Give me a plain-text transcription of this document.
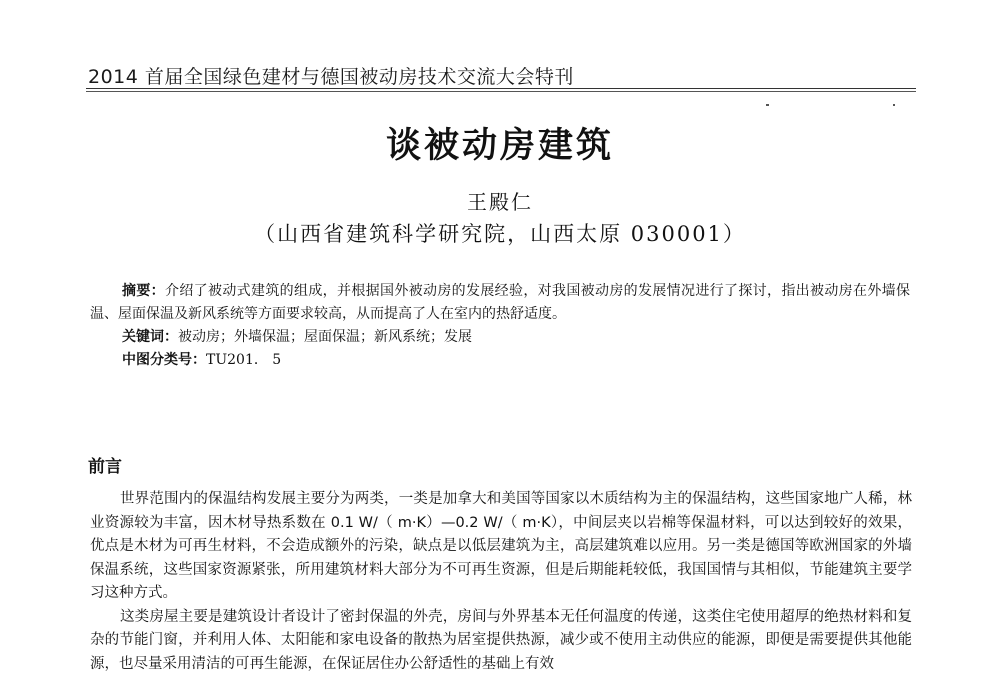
2014 首届全国绿色建材与德国被动房技术交流大会特刊
谈被动房建筑
王殿仁
（山西省建筑科学研究院，山西太原 030001）

摘要：介绍了被动式建筑的组成，并根据国外被动房的发展经验，对我国被动房的发展情况进行了探讨，指出被动房在外墙保温、屋面保温及新风系统等方面要求较高，从而提高了人在室内的热舒适度。

关键词：被动房；外墙保温；屋面保温；新风系统；发展

中图分类号：TU201． 5

前言

世界范围内的保温结构发展主要分为两类，一类是加拿大和美国等国家以木质结构为主的保温结构，这些国家地广人稀，林业资源较为丰富，因木材导热系数在 0.1 W/（ m·K）—0.2 W/（ m·K），中间层夹以岩棉等保温材料，可以达到较好的效果，优点是木材为可再生材料，不会造成额外的污染，缺点是以低层建筑为主，高层建筑难以应用。另一类是德国等欧洲国家的外墙保温系统，这些国家资源紧张，所用建筑材料大部分为不可再生资源，但是后期能耗较低，我国国情与其相似，节能建筑主要学习这种方式。

这类房屋主要是建筑设计者设计了密封保温的外壳，房间与外界基本无任何温度的传递，这类住宅使用超厚的绝热材料和复杂的节能门窗，并利用人体、太阳能和家电设备的散热为居室提供热源，减少或不使用主动供应的能源，即便是需要提供其他能源，也尽量采用清洁的可再生能源，在保证居住办公舒适性的基础上有效
